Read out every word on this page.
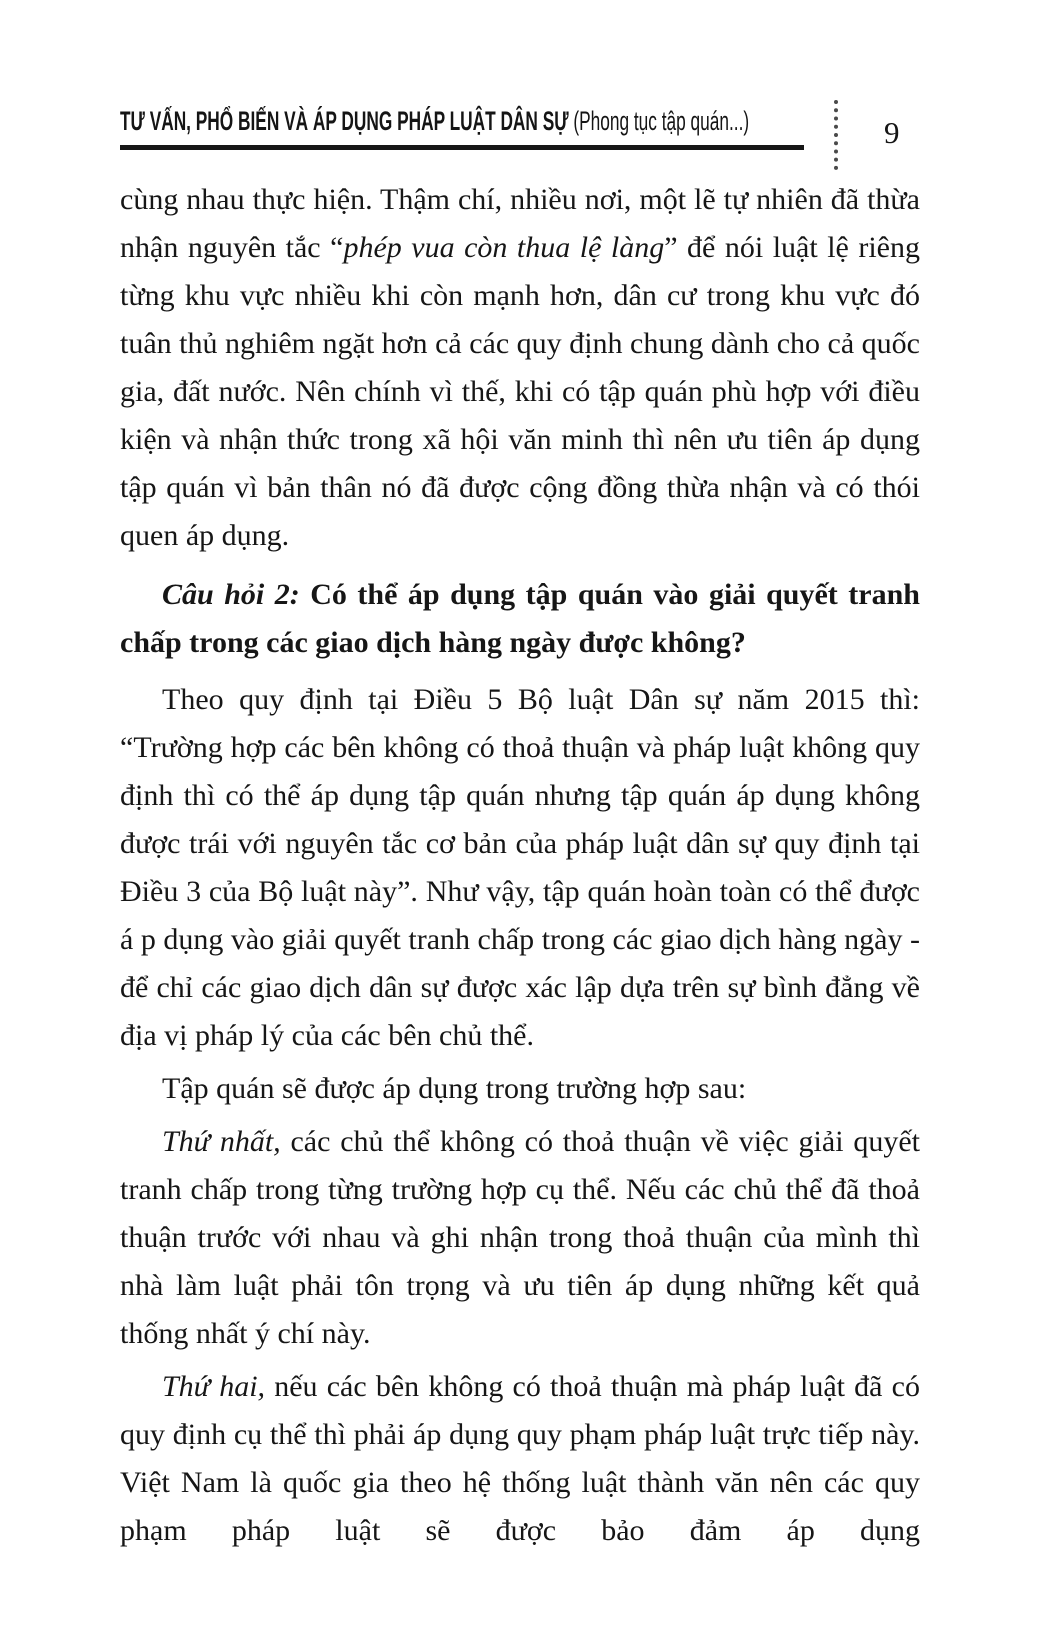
TƯ VẤN, PHỔ BIẾN VÀ ÁP DỤNG PHÁP LUẬT DÂN SỰ (Phong tục tập quán...)	9

cùng nhau thực hiện. Thậm chí, nhiều nơi, một lẽ tự nhiên đã thừa nhận nguyên tắc “phép vua còn thua lệ làng” để nói luật lệ riêng từng khu vực nhiều khi còn mạnh hơn, dân cư trong khu vực đó tuân thủ nghiêm ngặt hơn cả các quy định chung dành cho cả quốc gia, đất nước. Nên chính vì thế, khi có tập quán phù hợp với điều kiện và nhận thức trong xã hội văn minh thì nên ưu tiên áp dụng tập quán vì bản thân nó đã được cộng đồng thừa nhận và có thói quen áp dụng.

Câu hỏi 2: Có thể áp dụng tập quán vào giải quyết tranh chấp trong các giao dịch hàng ngày được không?

Theo quy định tại Điều 5 Bộ luật Dân sự năm 2015 thì: “Trường hợp các bên không có thoả thuận và pháp luật không quy định thì có thể áp dụng tập quán nhưng tập quán áp dụng không được trái với nguyên tắc cơ bản của pháp luật dân sự quy định tại Điều 3 của Bộ luật này”. Như vậy, tập quán hoàn toàn có thể được á p dụng vào giải quyết tranh chấp trong các giao dịch hàng ngày - để chỉ các giao dịch dân sự được xác lập dựa trên sự bình đẳng về địa vị pháp lý của các bên chủ thể.

Tập quán sẽ được áp dụng trong trường hợp sau:

Thứ nhất, các chủ thể không có thoả thuận về việc giải quyết tranh chấp trong từng trường hợp cụ thể. Nếu các chủ thể đã thoả thuận trước với nhau và ghi nhận trong thoả thuận của mình thì nhà làm luật phải tôn trọng và ưu tiên áp dụng những kết quả thống nhất ý chí này.

Thứ hai, nếu các bên không có thoả thuận mà pháp luật đã có quy định cụ thể thì phải áp dụng quy phạm pháp luật trực tiếp này. Việt Nam là quốc gia theo hệ thống luật thành văn nên các quy phạm pháp luật sẽ được bảo đảm áp dụng
